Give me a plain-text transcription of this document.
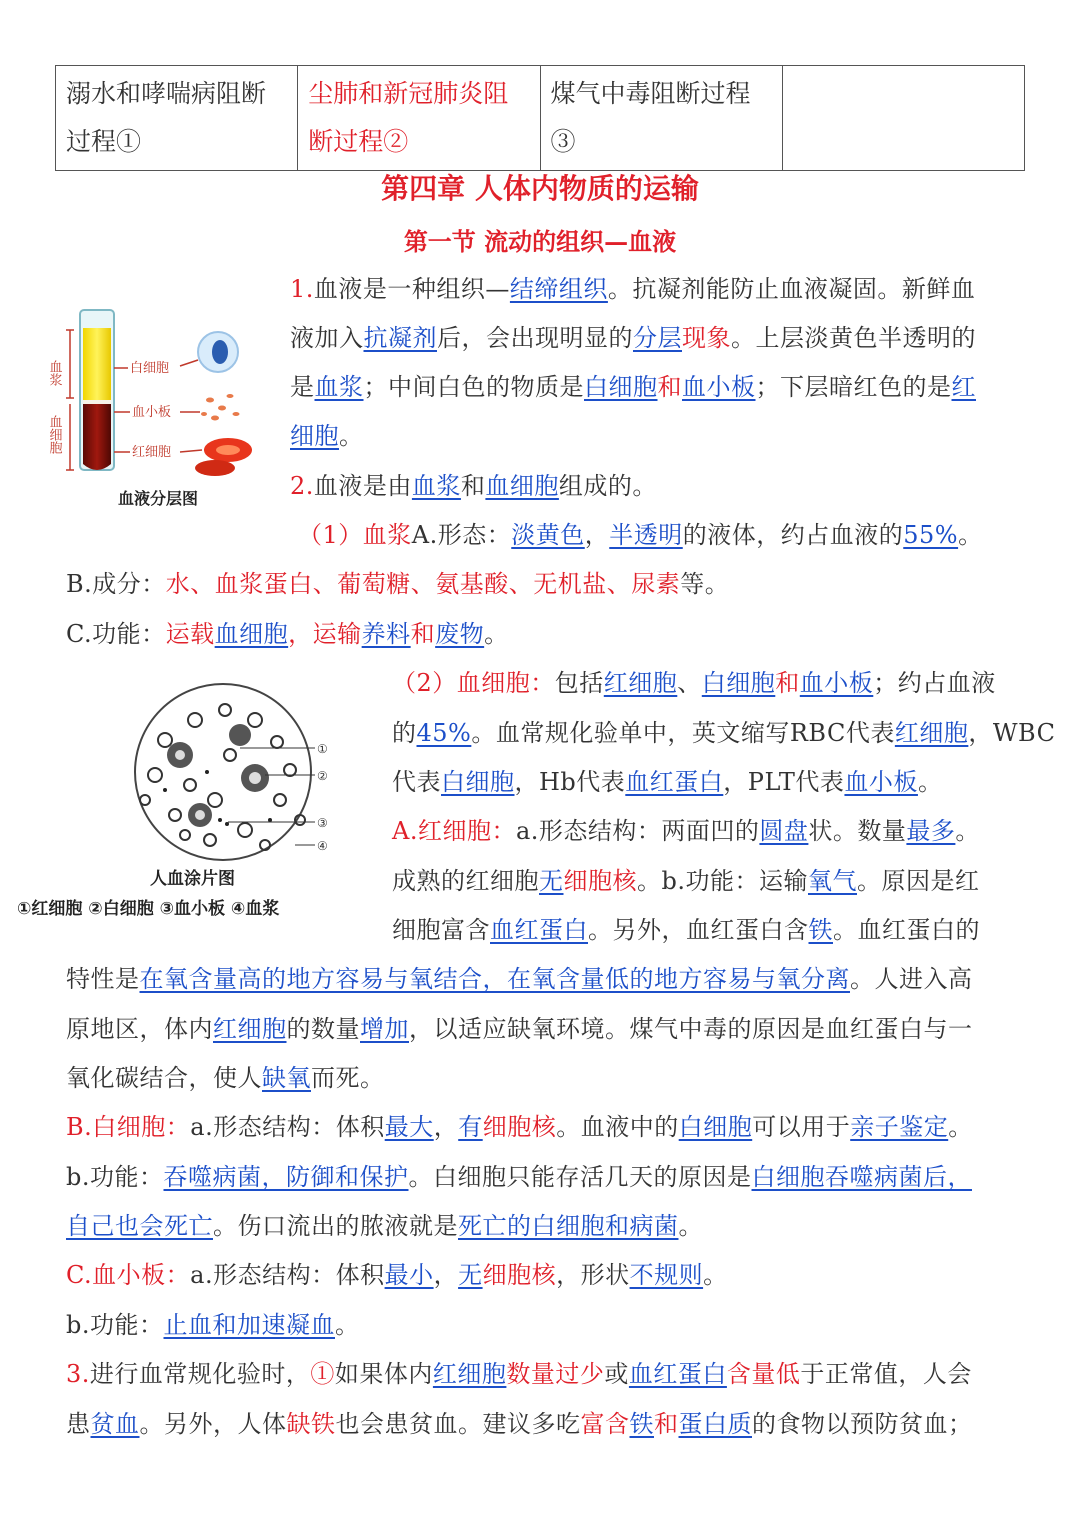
溺水和哮喘病阻断过程①	尘肺和新冠肺炎阻断过程②	煤气中毒阻断过程③	
第四章 人体内物质的运输
第一节 流动的组织—血液
血浆
血细胞
白细胞
血小板
红细胞
血液分层图
①
②
③
④
人血涂片图
①红细胞 ②白细胞 ③血小板 ④血浆
1.血液是一种组织—结缔组织。抗凝剂能防止血液凝固。新鲜血
液加入抗凝剂后，会出现明显的分层现象。上层淡黄色半透明的
是血浆；中间白色的物质是白细胞和血小板；下层暗红色的是红
细胞。
2.血液是由血浆和血细胞组成的。
（1）血浆A.形态：淡黄色，半透明的液体，约占血液的55%。
B.成分：水、血浆蛋白、葡萄糖、氨基酸、无机盐、尿素等。
C.功能：运载血细胞，运输养料和废物。
（2）血细胞：包括红细胞、白细胞和血小板；约占血液
的45%。血常规化验单中，英文缩写RBC代表红细胞，WBC
代表白细胞，Hb代表血红蛋白，PLT代表血小板。
A.红细胞：a.形态结构：两面凹的圆盘状。数量最多。
成熟的红细胞无细胞核。b.功能：运输氧气。原因是红
细胞富含血红蛋白。另外，血红蛋白含铁。血红蛋白的
特性是在氧含量高的地方容易与氧结合，在氧含量低的地方容易与氧分离。人进入高
原地区，体内红细胞的数量增加，以适应缺氧环境。煤气中毒的原因是血红蛋白与一
氧化碳结合，使人缺氧而死。
B.白细胞：a.形态结构：体积最大，有细胞核。血液中的白细胞可以用于亲子鉴定。
b.功能：吞噬病菌，防御和保护。白细胞只能存活几天的原因是白细胞吞噬病菌后，
自己也会死亡。伤口流出的脓液就是死亡的白细胞和病菌。
C.血小板：a.形态结构：体积最小，无细胞核，形状不规则。
b.功能：止血和加速凝血。
3.进行血常规化验时，①如果体内红细胞数量过少或血红蛋白含量低于正常值，人会
患贫血。另外，人体缺铁也会患贫血。建议多吃富含铁和蛋白质的食物以预防贫血；
